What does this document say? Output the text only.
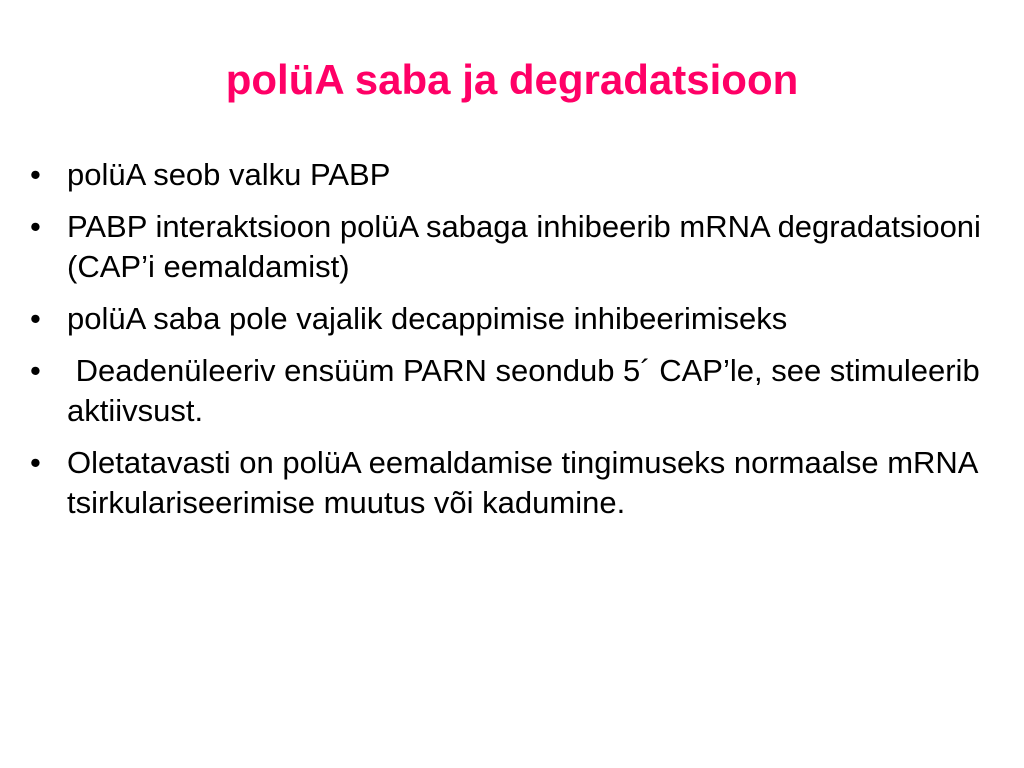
polüA saba ja degradatsioon
• polüA seob valku PABP
• PABP interaktsioon polüA sabaga inhibeerib mRNA degradatsiooni (CAP’i eemaldamist)
• polüA saba pole vajalik decappimise inhibeerimiseks
• Deadenüleeriv ensüüm PARN seondub 5´ CAP’le, see stimuleerib aktiivsust.
• Oletatavasti on polüA eemaldamise tingimuseks normaalse mRNA tsirkulariseerimise muutus või kadumine.
